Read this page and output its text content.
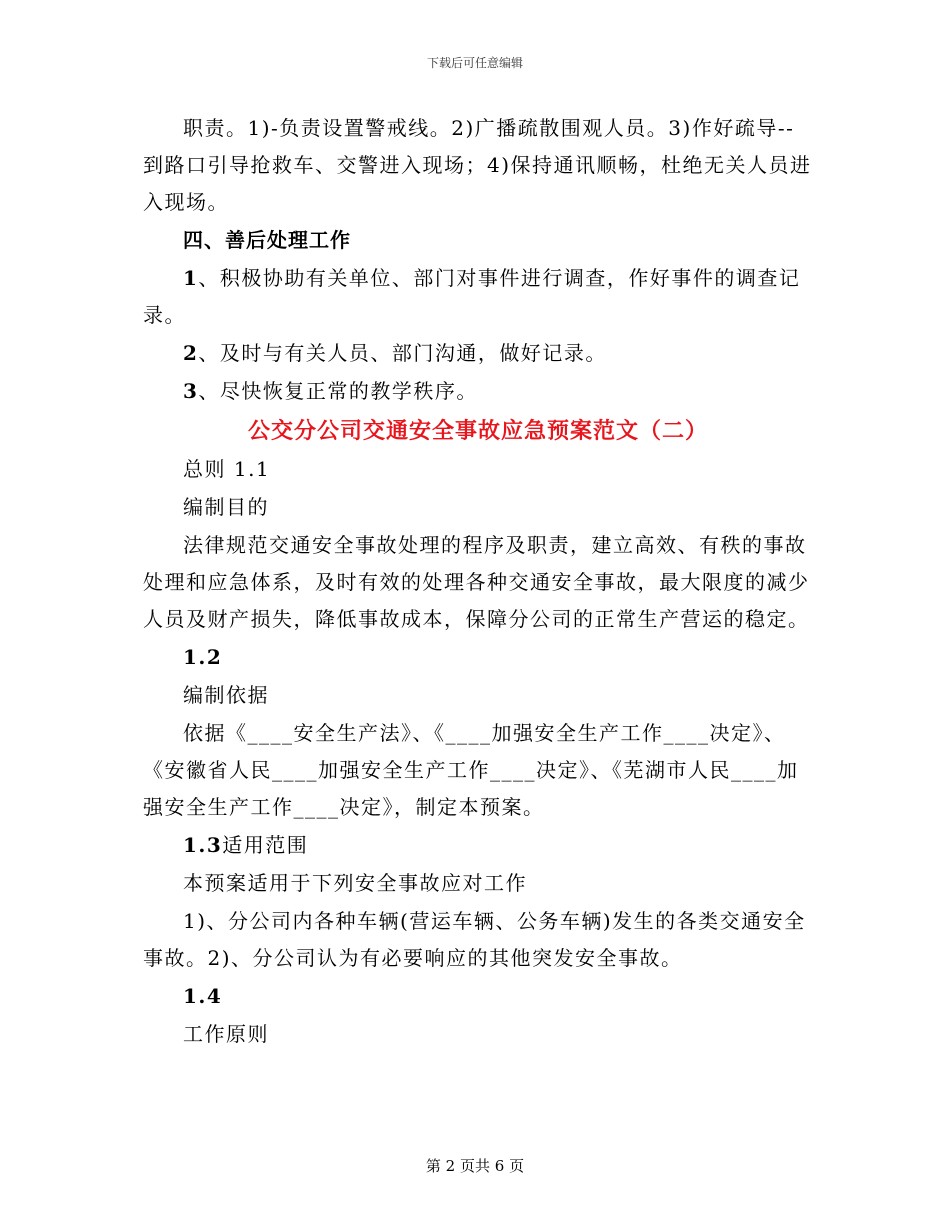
下载后可任意编辑

职责。1)-负责设置警戒线。2)广播疏散围观人员。3)作好疏导--到路口引导抢救车、交警进入现场；4)保持通讯顺畅，杜绝无关人员进入现场。

四、善后处理工作

1、积极协助有关单位、部门对事件进行调查，作好事件的调查记录。

2、及时与有关人员、部门沟通，做好记录。

3、尽快恢复正常的教学秩序。

公交分公司交通安全事故应急预案范文（二）

总则 1.1

编制目的

法律规范交通安全事故处理的程序及职责，建立高效、有秩的事故处理和应急体系，及时有效的处理各种交通安全事故，最大限度的减少人员及财产损失，降低事故成本，保障分公司的正常生产营运的稳定。

1.2

编制依据

依据《____安全生产法》、《____加强安全生产工作____决定》、《安徽省人民____加强安全生产工作____决定》、《芜湖市人民____加强安全生产工作____决定》，制定本预案。

1.3适用范围

本预案适用于下列安全事故应对工作

1)、分公司内各种车辆(营运车辆、公务车辆)发生的各类交通安全事故。2)、分公司认为有必要响应的其他突发安全事故。

1.4

工作原则

第 2 页共 6 页
